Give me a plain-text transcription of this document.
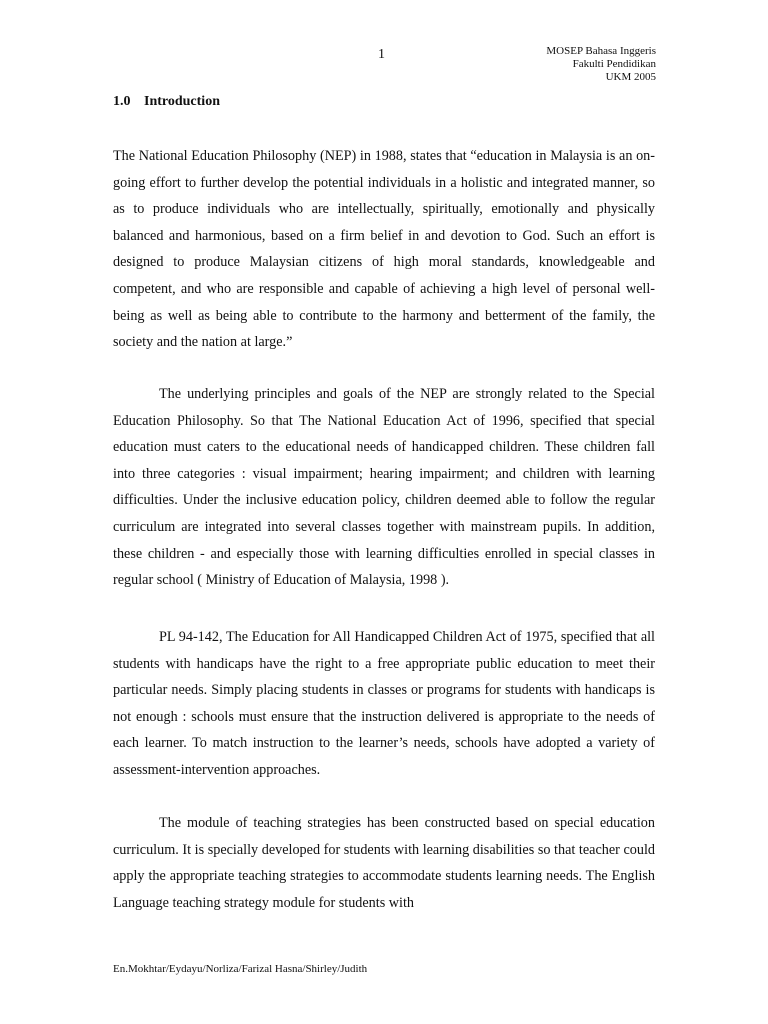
1	MOSEP Bahasa Inggeris
Fakulti Pendidikan
UKM 2005
1.0 Introduction

The National Education Philosophy (NEP) in 1988, states that “education in Malaysia is an on-going effort to further develop the potential individuals in a holistic and integrated manner, so as to produce individuals who are intellectually, spiritually, emotionally and physically balanced and harmonious, based on a firm belief in and devotion to God. Such an effort is designed to produce Malaysian citizens of high moral standards, knowledgeable and competent, and who are responsible and capable of achieving a high level of personal well-being as well as being able to contribute to the harmony and betterment of the family, the society and the nation at large.”

The underlying principles and goals of the NEP are strongly related to the Special Education Philosophy. So that The National Education Act of 1996, specified that special education must caters to the educational needs of handicapped children. These children fall into three categories : visual impairment; hearing impairment; and children with learning difficulties. Under the inclusive education policy, children deemed able to follow the regular curriculum are integrated into several classes together with mainstream pupils. In addition, these children - and especially those with learning difficulties enrolled in special classes in regular school ( Ministry of Education of Malaysia, 1998 ).

PL 94-142, The Education for All Handicapped Children Act of 1975, specified that all students with handicaps have the right to a free appropriate public education to meet their particular needs. Simply placing students in classes or programs for students with handicaps is not enough : schools must ensure that the instruction delivered is appropriate to the needs of each learner. To match instruction to the learner’s needs, schools have adopted a variety of assessment-intervention approaches.

The module of teaching strategies has been constructed based on special education curriculum. It is specially developed for students with learning disabilities so that teacher could apply the appropriate teaching strategies to accommodate students learning needs. The English Language teaching strategy module for students with

En.Mokhtar/Eydayu/Norliza/Farizal Hasna/Shirley/Judith
